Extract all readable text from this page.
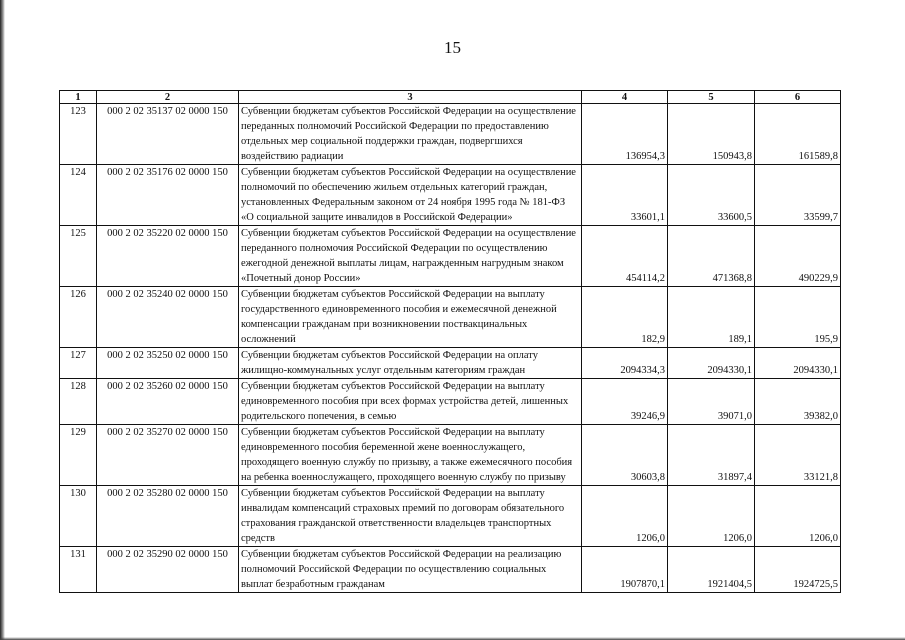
15
1	2	3	4	5	6
123	000 2 02 35137 02 0000 150	Субвенции бюджетам субъектов Российской Федерации на осуществление переданных полномочий Российской Федерации по предоставлению отдельных мер социальной поддержки граждан, подвергшихся воздействию радиации	136954,3	150943,8	161589,8
124	000 2 02 35176 02 0000 150	Субвенции бюджетам субъектов Российской Федерации на осуществление полномочий по обеспечению жильем отдельных категорий граждан, установленных Федеральным законом от 24 ноября 1995 года № 181-ФЗ «О социальной защите инвалидов в Российской Федерации»	33601,1	33600,5	33599,7
125	000 2 02 35220 02 0000 150	Субвенции бюджетам субъектов Российской Федерации на осуществление переданного полномочия Российской Федерации по осуществлению ежегодной денежной выплаты лицам, награжденным нагрудным знаком «Почетный донор России»	454114,2	471368,8	490229,9
126	000 2 02 35240 02 0000 150	Субвенции бюджетам субъектов Российской Федерации на выплату государственного единовременного пособия и ежемесячной денежной компенсации гражданам при возникновении поствакцинальных осложнений	182,9	189,1	195,9
127	000 2 02 35250 02 0000 150	Субвенции бюджетам субъектов Российской Федерации на оплату жилищно-коммунальных услуг отдельным категориям граждан	2094334,3	2094330,1	2094330,1
128	000 2 02 35260 02 0000 150	Субвенции бюджетам субъектов Российской Федерации на выплату единовременного пособия при всех формах устройства детей, лишенных родительского попечения, в семью	39246,9	39071,0	39382,0
129	000 2 02 35270 02 0000 150	Субвенции бюджетам субъектов Российской Федерации на выплату единовременного пособия беременной жене военнослужащего, проходящего военную службу по призыву, а также ежемесячного пособия на ребенка военнослужащего, проходящего военную службу по призыву	30603,8	31897,4	33121,8
130	000 2 02 35280 02 0000 150	Субвенции бюджетам субъектов Российской Федерации на выплату инвалидам компенсаций страховых премий по договорам обязательного страхования гражданской ответственности владельцев транспортных средств	1206,0	1206,0	1206,0
131	000 2 02 35290 02 0000 150	Субвенции бюджетам субъектов Российской Федерации на реализацию полномочий Российской Федерации по осуществлению социальных выплат безработным гражданам	1907870,1	1921404,5	1924725,5
